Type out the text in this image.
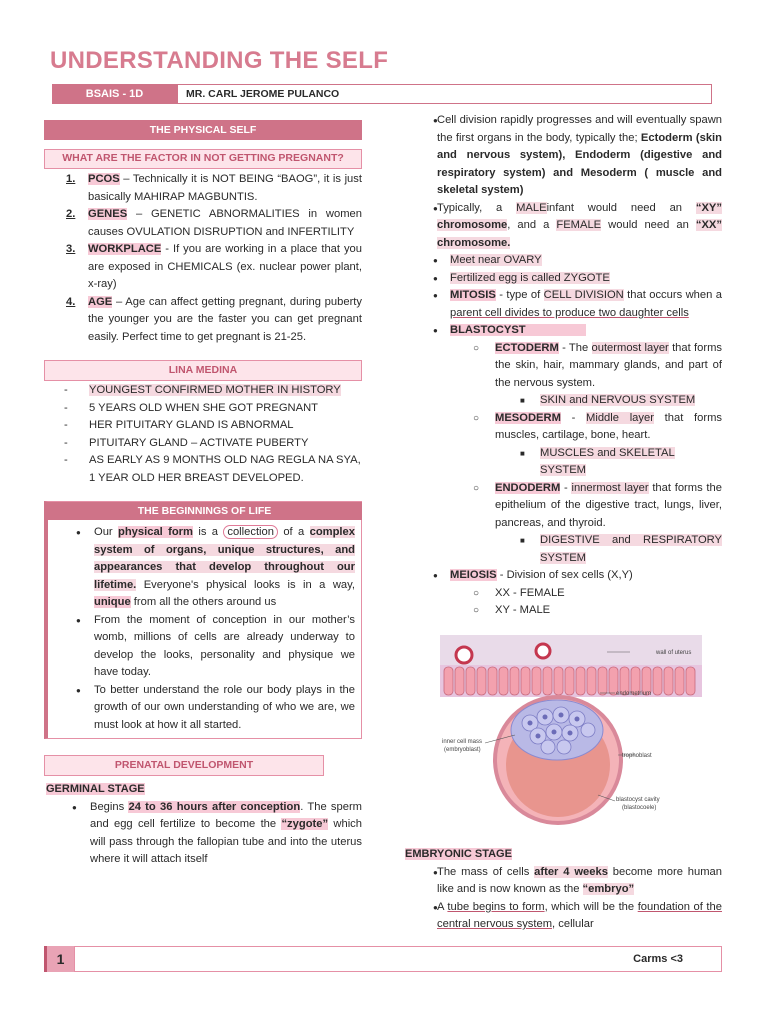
UNDERSTANDING THE SELF
BSAIS - 1D	MR. CARL JEROME PULANCO
THE PHYSICAL SELF
WHAT ARE THE FACTOR IN NOT GETTING PREGNANT?
1. PCOS – Technically it is NOT BEING “BAOG”, it is just basically MAHIRAP MAGBUNTIS.
2. GENES – GENETIC ABNORMALITIES in women causes OVULATION DISRUPTION and INFERTILITY
3. WORKPLACE - If you are working in a place that you are exposed in CHEMICALS (ex. nuclear power plant, x-ray)
4. AGE – Age can affect getting pregnant, during puberty the younger you are the faster you can get pregnant easily. Perfect time to get pregnant is 21-25.
LINA MEDINA
- YOUNGEST CONFIRMED MOTHER IN HISTORY
- 5 YEARS OLD WHEN SHE GOT PREGNANT
- HER PITUITARY GLAND IS ABNORMAL
- PITUITARY GLAND – ACTIVATE PUBERTY
- AS EARLY AS 9 MONTHS OLD NAG REGLA NA SYA, 1 YEAR OLD HER BREAST DEVELOPED.
THE BEGINNINGS OF LIFE
● Our physical form is a collection of a complex system of organs, unique structures, and appearances that develop throughout our lifetime. Everyone's physical looks is in a way, unique from all the others around us
● From the moment of conception in our mother’s womb, millions of cells are already underway to develop the looks, personality and physique we have today.
● To better understand the role our body plays in the growth of our own understanding of who we are, we must look at how it all started.
PRENATAL DEVELOPMENT
GERMINAL STAGE
● Begins 24 to 36 hours after conception. The sperm and egg cell fertilize to become the “zygote” which will pass through the fallopian tube and into the uterus where it will attach itself
● Cell division rapidly progresses and will eventually spawn the first organs in the body, typically the; Ectoderm (skin and nervous system), Endoderm (digestive and respiratory system) and Mesoderm ( muscle and skeletal system)
● Typically, a MALEinfant would need an “XY” chromosome, and a FEMALE would need an “XX” chromosome.
● Meet near OVARY
● Fertilized egg is called ZYGOTE
● MITOSIS - type of CELL DIVISION that occurs when a parent cell divides to produce two daughter cells
● BLASTOCYST
○ ECTODERM - The outermost layer that forms the skin, hair, mammary glands, and part of the nervous system.
■ SKIN and NERVOUS SYSTEM
○ MESODERM - Middle layer that forms muscles, cartilage, bone, heart.
■ MUSCLES and SKELETAL SYSTEM
○ ENDODERM - innermost layer that forms the epithelium of the digestive tract, lungs, liver, pancreas, and thyroid.
■ DIGESTIVE and RESPIRATORY SYSTEM
● MEIOSIS - Division of sex cells (X,Y)
○ XX - FEMALE
○ XY - MALE
wall of uterus
endometrium
inner cell mass
(embryoblast)
trophoblast
blastocyst cavity
(blastocoele)
EMBRYONIC STAGE
● The mass of cells after 4 weeks become more human like and is now known as the “embryo”
● A tube begins to form, which will be the foundation of the central nervous system, cellular
1	Carms <3
